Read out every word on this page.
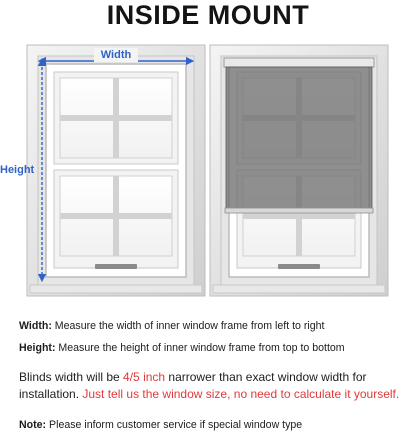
INSIDE MOUNT
Width
Height
Width: Measure the width of inner window frame from left to right
Height: Measure the height of inner window frame from top to bottom
Blinds width will be 4/5 inch narrower than exact window width for installation. Just tell us the window size, no need to calculate it yourself.
Note: Please inform customer service if special window type
